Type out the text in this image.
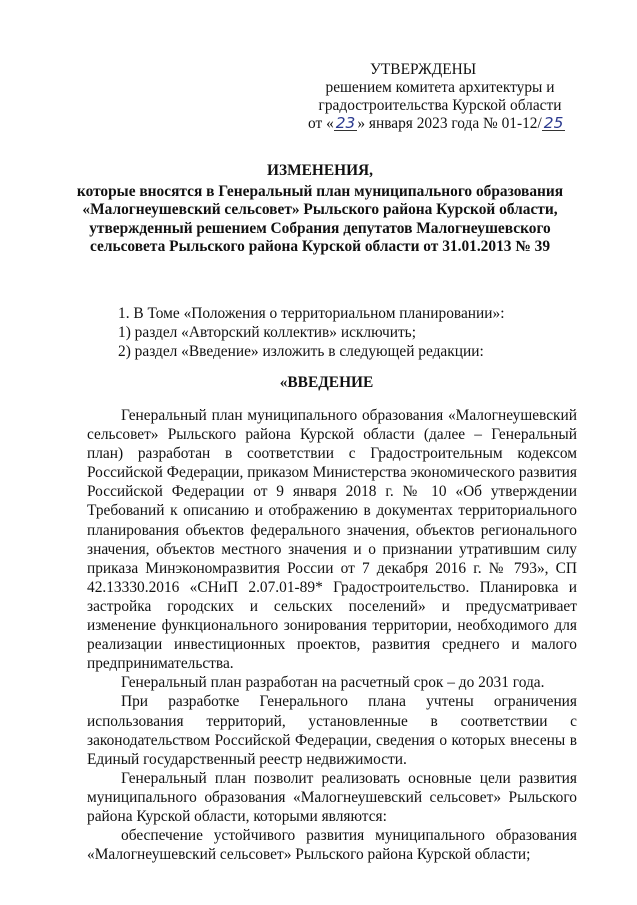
УТВЕРЖДЕНЫ
решением комитета архитектуры и
градостроительства Курской области
от « 23 » января 2023 года № 01-12/ 25
ИЗМЕНЕНИЯ,
которые вносятся в Генеральный план муниципального образования «Малогнеушевский сельсовет» Рыльского района Курской области, утвержденный решением Собрания депутатов Малогнеушевского сельсовета Рыльского района Курской области от 31.01.2013 № 39

1. В Томе «Положения о территориальном планировании»:

1) раздел «Авторский коллектив» исключить;

2) раздел «Введение» изложить в следующей редакции:

«ВВЕДЕНИЕ

Генеральный план муниципального образования «Малогнеушевский сельсовет» Рыльского района Курской области (далее – Генеральный план) разработан в соответствии с Градостроительным кодексом Российской Федерации, приказом Министерства экономического развития Российской Федерации от 9 января 2018 г. № 10 «Об утверждении Требований к описанию и отображению в документах территориального планирования объектов федерального значения, объектов регионального значения, объектов местного значения и о признании утратившим силу приказа Минэкономразвития России от 7 декабря 2016 г. № 793», СП 42.13330.2016 «СНиП 2.07.01-89* Градостроительство. Планировка и застройка городских и сельских поселений» и предусматривает изменение функционального зонирования территории, необходимого для реализации инвестиционных проектов, развития среднего и малого предпринимательства.

Генеральный план разработан на расчетный срок – до 2031 года.

При разработке Генерального плана учтены ограничения использования территорий, установленные в соответствии с законодательством Российской Федерации, сведения о которых внесены в Единый государственный реестр недвижимости.

Генеральный план позволит реализовать основные цели развития муниципального образования «Малогнеушевский сельсовет» Рыльского района Курской области, которыми являются:

обеспечение устойчивого развития муниципального образования «Малогнеушевский сельсовет» Рыльского района Курской области;
